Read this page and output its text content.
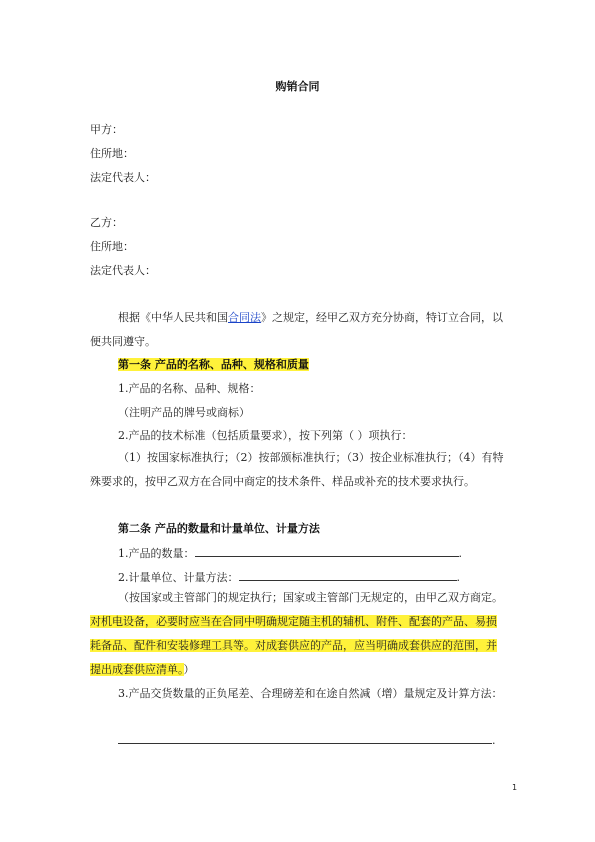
购销合同
甲方：
住所地：
法定代表人：
乙方：
住所地：
法定代表人：
根据《中华人民共和国合同法》之规定，经甲乙双方充分协商，特订立合同，以便共同遵守。
第一条 产品的名称、品种、规格和质量
1.产品的名称、品种、规格：
（注明产品的牌号或商标）
2.产品的技术标准（包括质量要求），按下列第（ ）项执行：
（1）按国家标准执行；（2）按部颁标准执行；（3）按企业标准执行；（4）有特殊要求的，按甲乙双方在合同中商定的技术条件、样品或补充的技术要求执行。
第二条 产品的数量和计量单位、计量方法
1.产品的数量：	.
2.计量单位、计量方法：	.
（按国家或主管部门的规定执行；国家或主管部门无规定的，由甲乙双方商定。对机电设备，必要时应当在合同中明确规定随主机的辅机、附件、配套的产品、易损耗备品、配件和安装修理工具等。对成套供应的产品，应当明确成套供应的范围，并提出成套供应清单。）
3.产品交货数量的正负尾差、合理磅差和在途自然减（增）量规定及计算方法：
.
1
